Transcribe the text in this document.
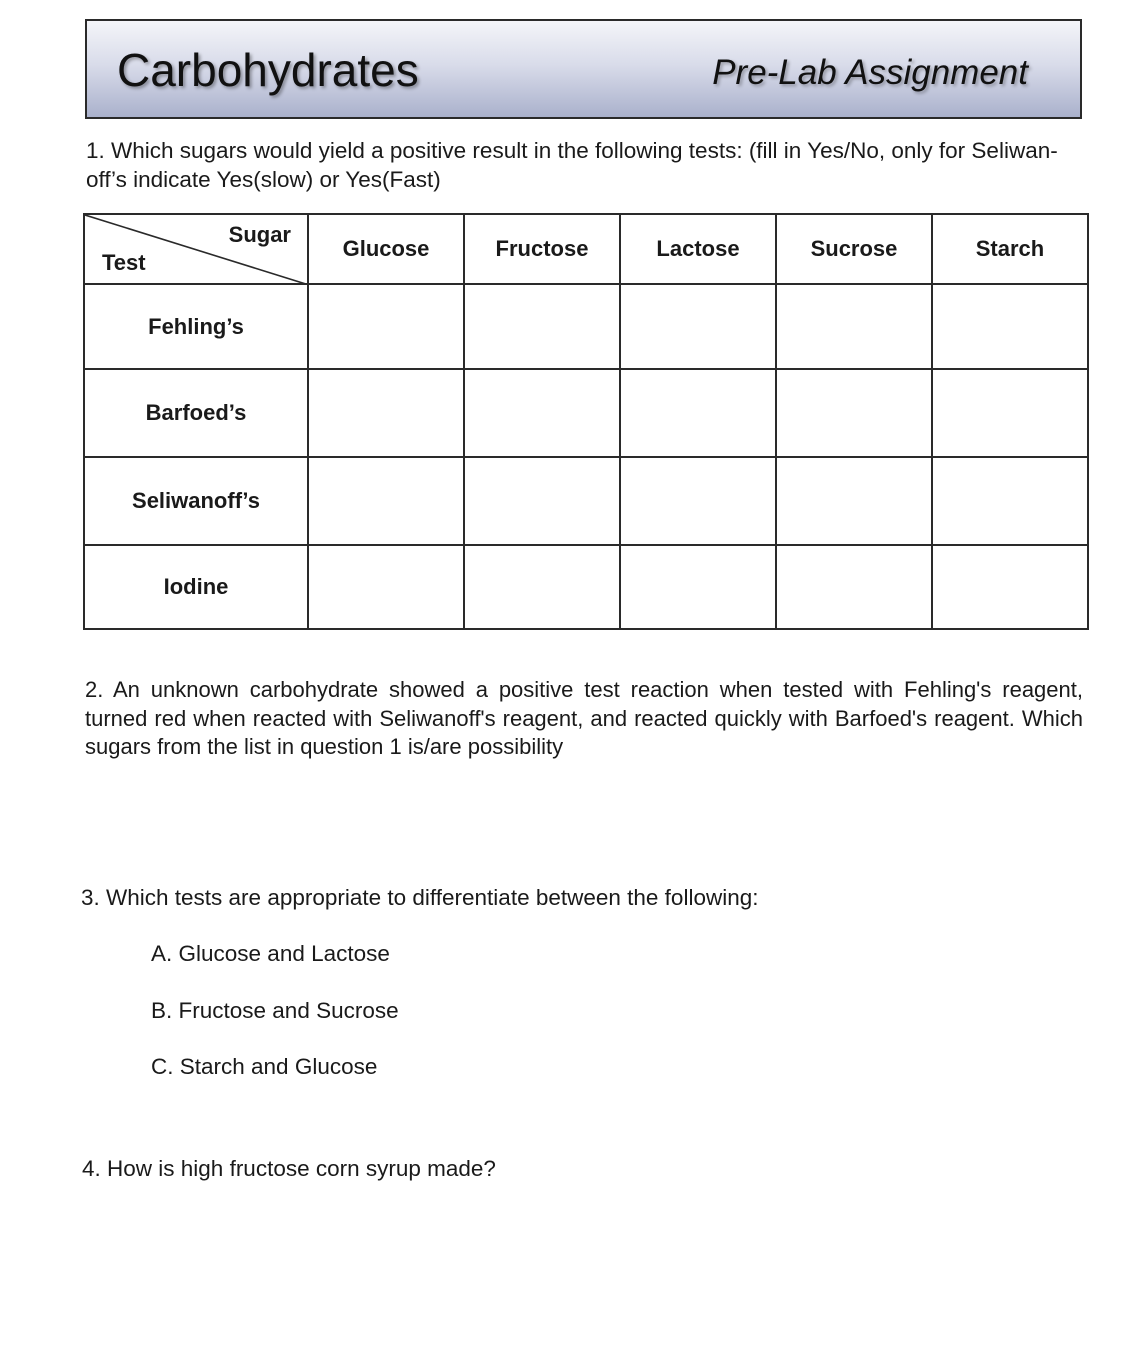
Carbohydrates	Pre-Lab Assignment
1. Which sugars would yield a positive result in the following tests: (fill in Yes/No, only for Seliwan-off’s indicate Yes(slow) or Yes(Fast)
Sugar
Test	Glucose	Fructose	Lactose	Sucrose	Starch
Fehling’s					
Barfoed’s					
Seliwanoff’s					
Iodine					
2. An unknown carbohydrate showed a positive test reaction when tested with Fehling's reagent, turned red when reacted with Seliwanoff's reagent, and reacted quickly with Barfoed's reagent. Which sugars from the list in question 1 is/are possibility
3. Which tests are appropriate to differentiate between the following:
A. Glucose and Lactose
B. Fructose and Sucrose
C. Starch and Glucose
4. How is high fructose corn syrup made?
